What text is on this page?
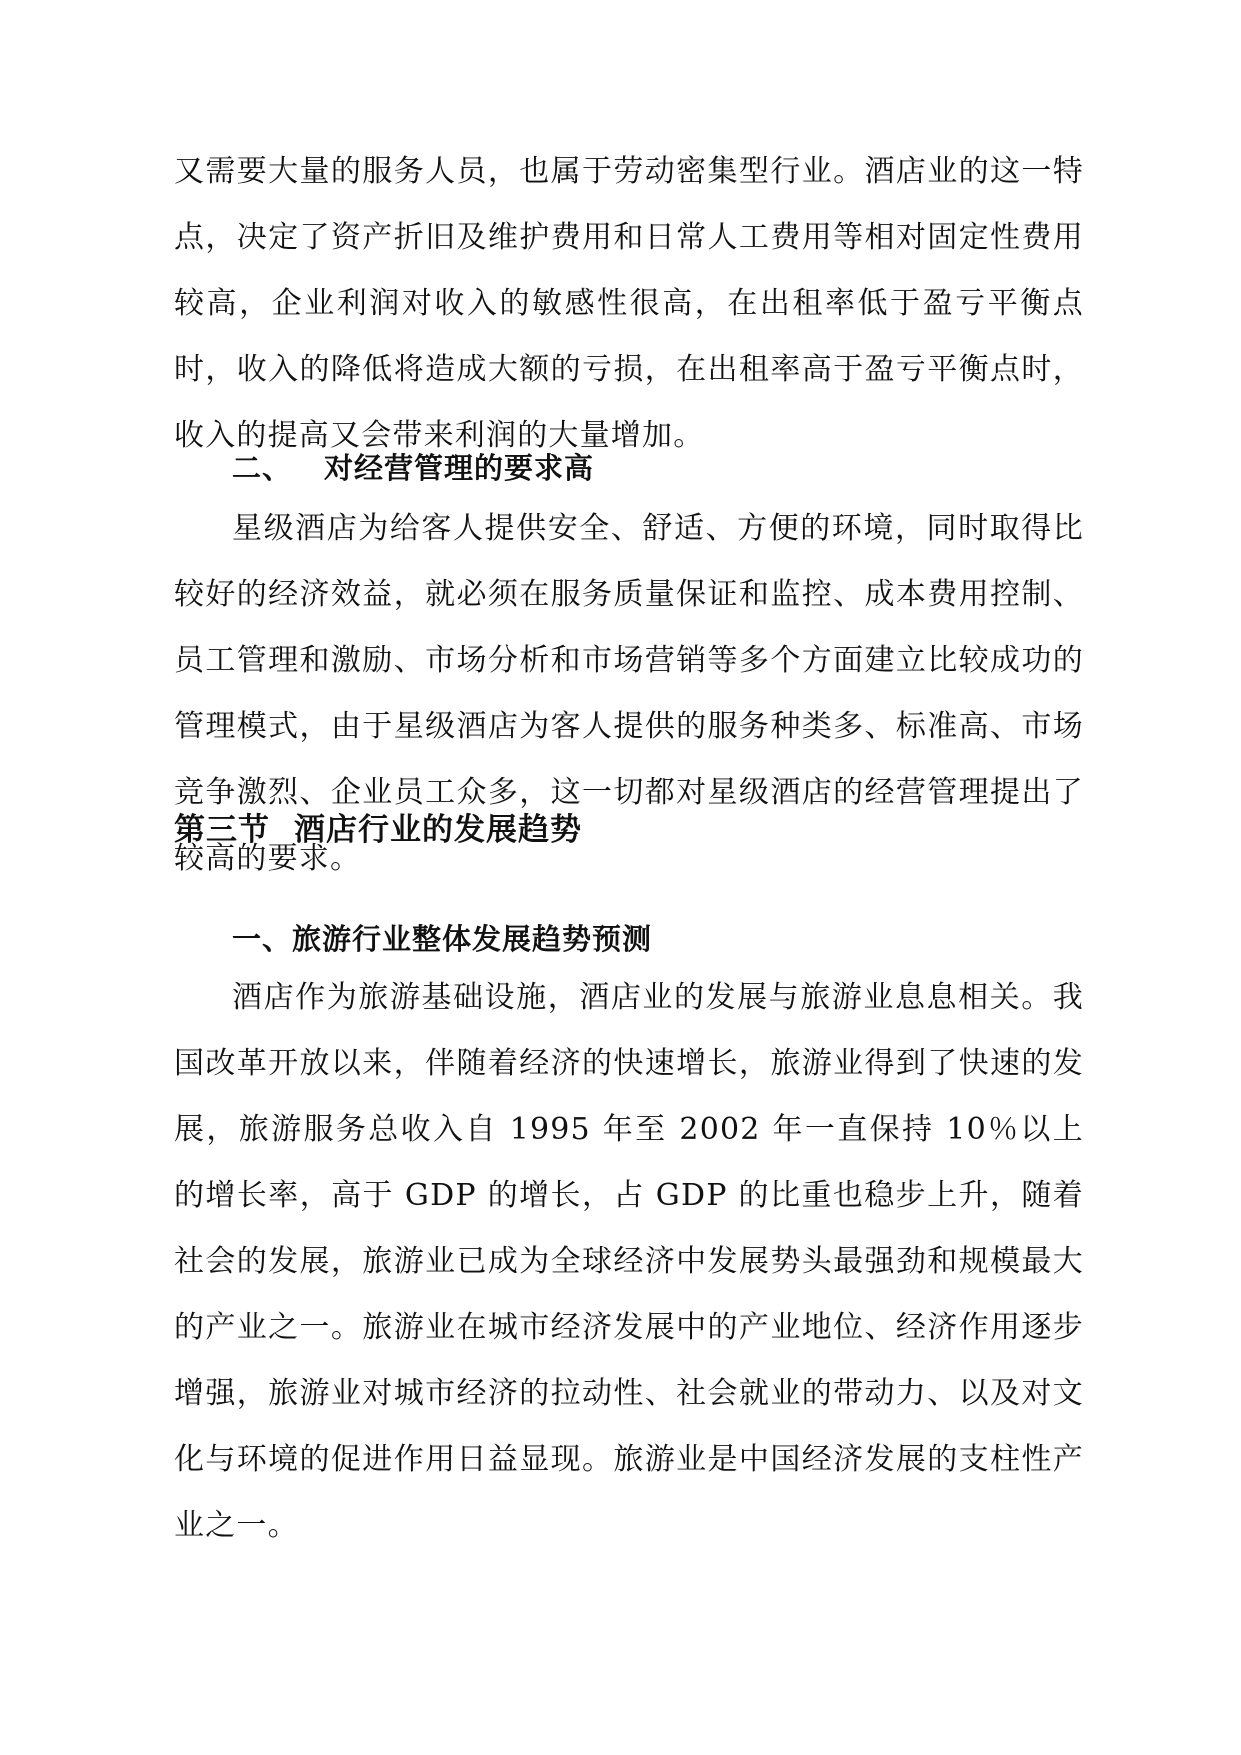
又需要大量的服务人员，也属于劳动密集型行业。酒店业的这一特点，决定了资产折旧及维护费用和日常人工费用等相对固定性费用较高，企业利润对收入的敏感性很高，在出租率低于盈亏平衡点时，收入的降低将造成大额的亏损，在出租率高于盈亏平衡点时，收入的提高又会带来利润的大量增加。

二、 对经营管理的要求高

星级酒店为给客人提供安全、舒适、方便的环境，同时取得比较好的经济效益，就必须在服务质量保证和监控、成本费用控制、员工管理和激励、市场分析和市场营销等多个方面建立比较成功的管理模式，由于星级酒店为客人提供的服务种类多、标准高、市场竞争激烈、企业员工众多，这一切都对星级酒店的经营管理提出了较高的要求。

第三节 酒店行业的发展趋势
一、旅游行业整体发展趋势预测

酒店作为旅游基础设施，酒店业的发展与旅游业息息相关。我国改革开放以来，伴随着经济的快速增长，旅游业得到了快速的发展，旅游服务总收入自 1995 年至 2002 年一直保持 10％以上的增长率，高于 GDP 的增长，占 GDP 的比重也稳步上升，随着社会的发展，旅游业已成为全球经济中发展势头最强劲和规模最大的产业之一。旅游业在城市经济发展中的产业地位、经济作用逐步增强，旅游业对城市经济的拉动性、社会就业的带动力、以及对文化与环境的促进作用日益显现。旅游业是中国经济发展的支柱性产业之一。
